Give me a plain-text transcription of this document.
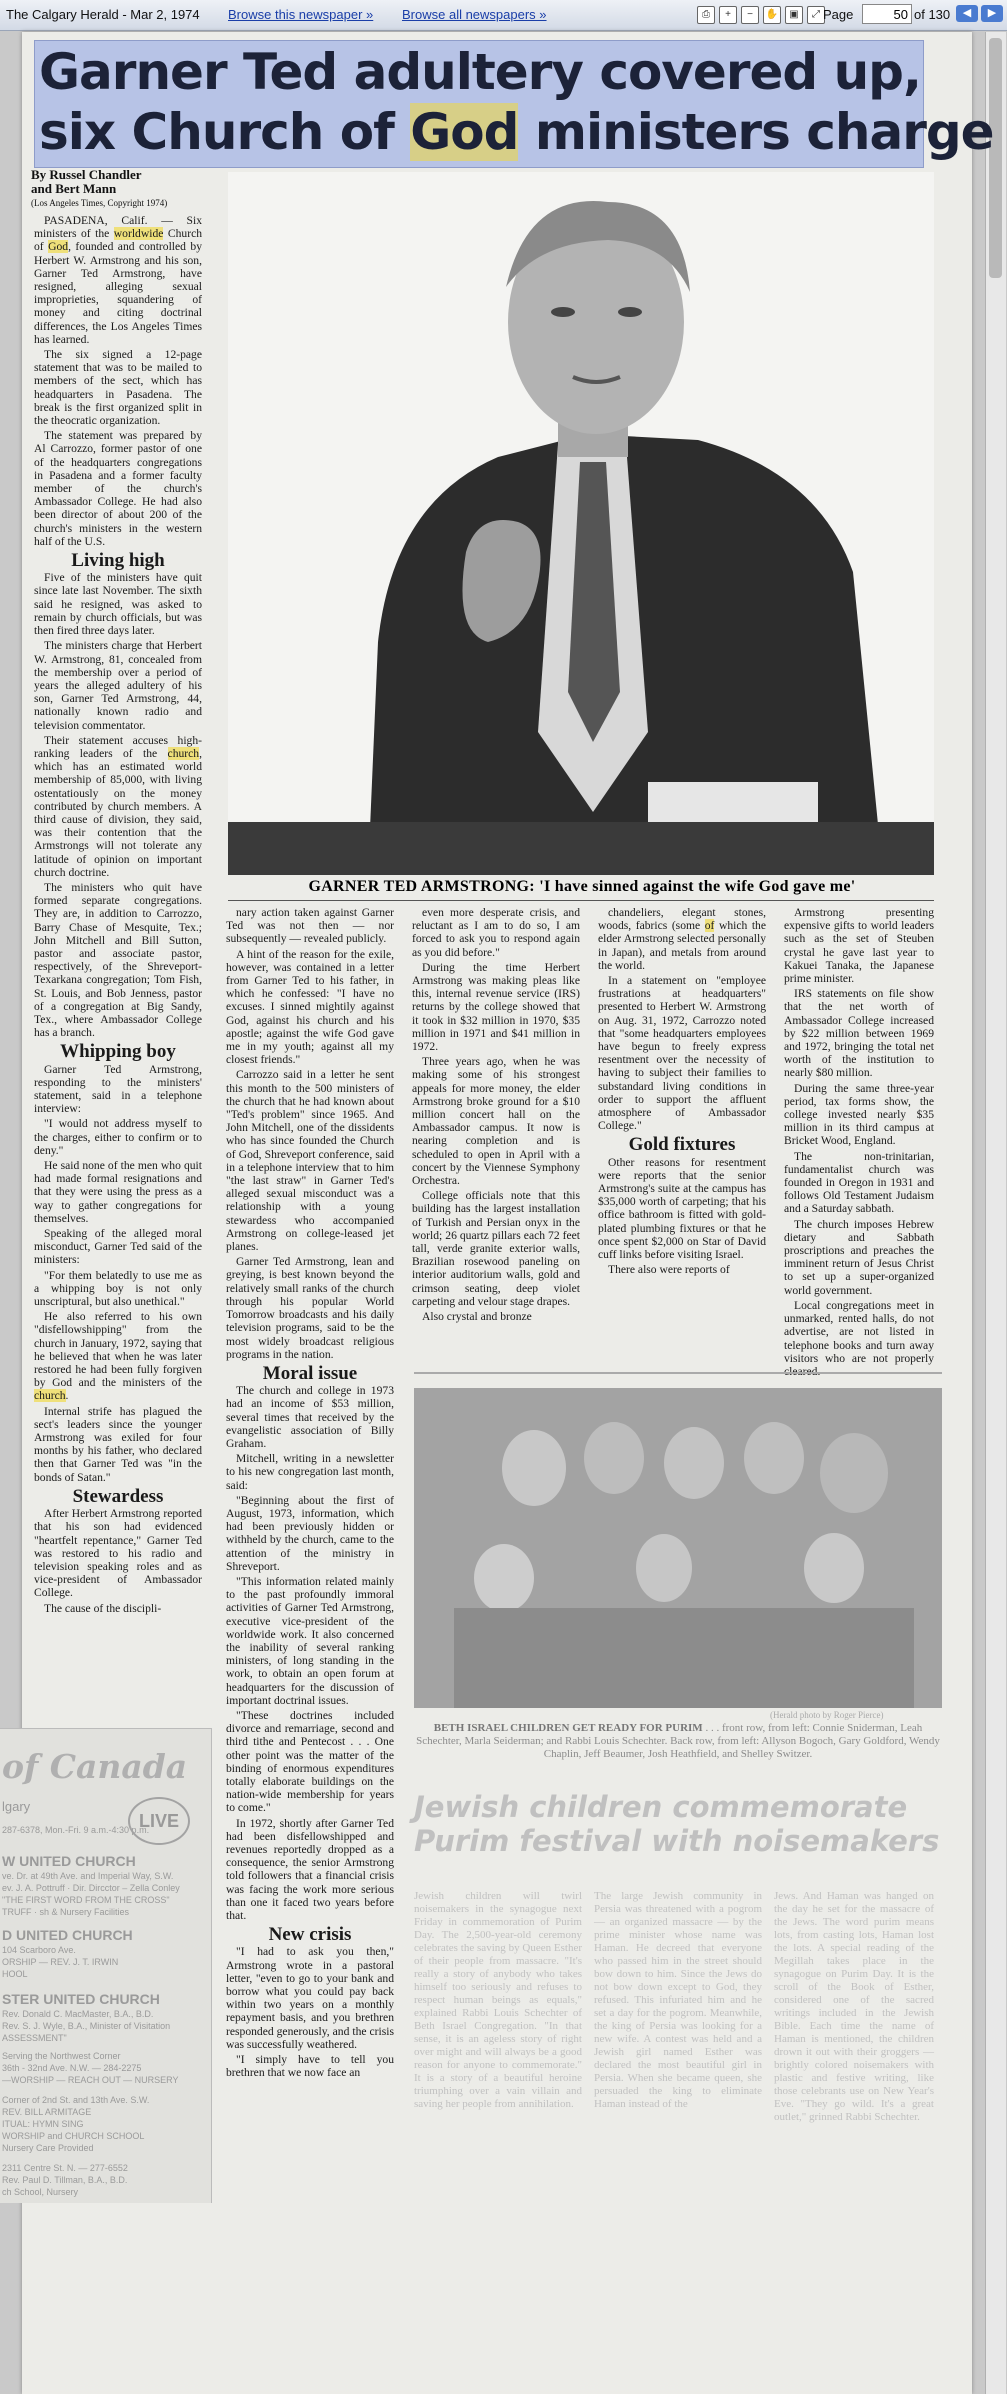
The Calgary Herald - Mar 2, 1974 Browse this newspaper » Browse all newspapers »	⎙	+	−	✋	▣	⤢ Page
50	of 130	◀	▶
Garner Ted adultery covered up,
six Church of God ministers charge
By Russel Chandler
and Bert Mann
(Los Angeles Times, Copyright 1974)

PASADENA, Calif. — Six ministers of the worldwide Church of God, founded and controlled by Herbert W. Armstrong and his son, Garner Ted Armstrong, have resigned, alleging sexual improprieties, squandering of money and citing doctrinal differences, the Los Angeles Times has learned.

The six signed a 12-page statement that was to be mailed to members of the sect, which has headquarters in Pasadena. The break is the first organized split in the theocratic organization.

The statement was prepared by Al Carrozzo, former pastor of one of the headquarters congregations in Pasadena and a former faculty member of the church's Ambassador College. He had also been director of about 200 of the church's ministers in the western half of the U.S.

Living high

Five of the ministers have quit since late last November. The sixth said he resigned, was asked to remain by church officials, but was then fired three days later.

The ministers charge that Herbert W. Armstrong, 81, concealed from the membership over a period of years the alleged adultery of his son, Garner Ted Armstrong, 44, nationally known radio and television commentator.

Their statement accuses high-ranking leaders of the church, which has an estimated world membership of 85,000, with living ostentatiously on the money contributed by church members. A third cause of division, they said, was their contention that the Armstrongs will not tolerate any latitude of opinion on important church doctrine.

The ministers who quit have formed separate congregations. They are, in addition to Carrozzo, Barry Chase of Mesquite, Tex.; John Mitchell and Bill Sutton, pastor and associate pastor, respectively, of the Shreveport-Texarkana congregation; Tom Fish, St. Louis, and Bob Jenness, pastor of a congregation at Big Sandy, Tex., where Ambassador College has a branch.

Whipping boy

Garner Ted Armstrong, responding to the ministers' statement, said in a telephone interview:

"I would not address myself to the charges, either to confirm or to deny."

He said none of the men who quit had made formal resignations and that they were using the press as a way to gather congregations for themselves.

Speaking of the alleged moral misconduct, Garner Ted said of the ministers:

"For them belatedly to use me as a whipping boy is not only unscriptural, but also unethical."

He also referred to his own "disfellowshipping" from the church in January, 1972, saying that he believed that when he was later restored he had been fully forgiven by God and the ministers of the church.

Internal strife has plagued the sect's leaders since the younger Armstrong was exiled for four months by his father, who declared then that Garner Ted was "in the bonds of Satan."

Stewardess

After Herbert Armstrong reported that his son had evidenced "heartfelt repentance," Garner Ted was restored to his radio and television speaking roles and as vice-president of Ambassador College.

The cause of the discipli-

GARNER TED ARMSTRONG: 'I have sinned against the wife God gave me'

nary action taken against Garner Ted was not then — nor subsequently — revealed publicly.

A hint of the reason for the exile, however, was contained in a letter from Garner Ted to his father, in which he confessed: "I have no excuses. I sinned mightily against God, against his church and his apostle; against the wife God gave me in my youth; against all my closest friends."

Carrozzo said in a letter he sent this month to the 500 ministers of the church that he had known about "Ted's problem" since 1965. And John Mitchell, one of the dissidents who has since founded the Church of God, Shreveport conference, said in a telephone interview that to him "the last straw" in Garner Ted's alleged sexual misconduct was a relationship with a young stewardess who accompanied Armstrong on college-leased jet planes.

Garner Ted Armstrong, lean and greying, is best known beyond the relatively small ranks of the church through his popular World Tomorrow broadcasts and his daily television programs, said to be the most widely broadcast religious programs in the nation.

Moral issue

The church and college in 1973 had an income of $53 million, several times that received by the evangelistic association of Billy Graham.

Mitchell, writing in a newsletter to his new congregation last month, said:

"Beginning about the first of August, 1973, information, which had been previously hidden or withheld by the church, came to the attention of the ministry in Shreveport.

"This information related mainly to the past profoundly immoral activities of Garner Ted Armstrong, executive vice-president of the worldwide work. It also concerned the inability of several ranking ministers, of long standing in the work, to obtain an open forum at headquarters for the discussion of important doctrinal issues.

"These doctrines included divorce and remarriage, second and third tithe and Pentecost . . . One other point was the matter of the binding of enormous expenditures totally elaborate buildings on the nation-wide membership for years to come."

In 1972, shortly after Garner Ted had been disfellowshipped and revenues reportedly dropped as a consequence, the senior Armstrong told followers that a financial crisis was facing the work more serious than one it faced two years before that.

New crisis

"I had to ask you then," Armstrong wrote in a pastoral letter, "even to go to your bank and borrow what you could pay back within two years on a monthly repayment basis, and you brethren responded generously, and the crisis was successfully weathered.

"I simply have to tell you brethren that we now face an

even more desperate crisis, and reluctant as I am to do so, I am forced to ask you to respond again as you did before."

During the time Herbert Armstrong was making pleas like this, internal revenue service (IRS) returns by the college showed that it took in $32 million in 1970, $35 million in 1971 and $41 million in 1972.

Three years ago, when he was making some of his strongest appeals for more money, the elder Armstrong broke ground for a $10 million concert hall on the Ambassador campus. It now is nearing completion and is scheduled to open in April with a concert by the Viennese Symphony Orchestra.

College officials note that this building has the largest installation of Turkish and Persian onyx in the world; 26 quartz pillars each 72 feet tall, verde granite exterior walls, Brazilian rosewood paneling on interior auditorium walls, gold and crimson seating, deep violet carpeting and velour stage drapes.

Also crystal and bronze

chandeliers, elegant stones, woods, fabrics (some of which the elder Armstrong selected personally in Japan), and metals from around the world.

In a statement on "employee frustrations at headquarters" presented to Herbert W. Armstrong on Aug. 31, 1972, Carrozzo noted that "some headquarters employees have begun to freely express resentment over the necessity of having to subject their families to substandard living conditions in order to support the affluent atmosphere of Ambassador College."

Gold fixtures

Other reasons for resentment were reports that the senior Armstrong's suite at the campus has $35,000 worth of carpeting; that his office bathroom is fitted with gold-plated plumbing fixtures or that he once spent $2,000 on Star of David cuff links before visiting Israel.

There also were reports of

Armstrong presenting expensive gifts to world leaders such as the set of Steuben crystal he gave last year to Kakuei Tanaka, the Japanese prime minister.

IRS statements on file show that the net worth of Ambassador College increased by $22 million between 1969 and 1972, bringing the total net worth of the institution to nearly $80 million.

During the same three-year period, tax forms show, the college invested nearly $35 million in its third campus at Bricket Wood, England.

The non-trinitarian, fundamentalist church was founded in Oregon in 1931 and follows Old Testament Judaism and a Saturday sabbath.

The church imposes Hebrew dietary and Sabbath proscriptions and preaches the imminent return of Jesus Christ to set up a super-organized world government.

Local congregations meet in unmarked, rented halls, do not advertise, are not listed in telephone books and turn away visitors who are not properly

(Herald photo by Roger Pierce)
BETH ISRAEL CHILDREN GET READY FOR PURIM . . . front row, from left: Connie Sniderman, Leah Schechter, Marla Seiderman; and Rabbi Louis Schechter. Back row, from left: Allyson Bogoch, Gary Goldford, Wendy Chaplin, Jeff Beaumer, Josh Heathfield, and Shelley Switzer.
Jewish children commemorate Purim festival with noisemakers
Jewish children will twirl noisemakers in the synagogue next Friday in commemoration of Purim Day. The 2,500-year-old ceremony celebrates the saving by Queen Esther of their people from massacre. "It's really a story of anybody who takes himself too seriously and refuses to respect human beings as equals," explained Rabbi Louis Schechter of Beth Israel Congregation. "In that sense, it is an ageless story of right over might and will always be a good reason for anyone to commemorate." It is a story of a beautiful heroine triumphing over a vain villain and saving her people from annihilation.
The large Jewish community in Persia was threatened with a pogrom — an organized massacre — by the prime minister whose name was Haman. He decreed that everyone who passed him in the street should bow down to him. Since the Jews do not bow down except to God, they refused. This infuriated him and he set a day for the pogrom. Meanwhile, the king of Persia was looking for a new wife. A contest was held and a Jewish girl named Esther was declared the most beautiful girl in Persia. When she became queen, she persuaded the king to eliminate Haman instead of the
Jews. And Haman was hanged on the day he set for the massacre of the Jews. The word purim means lots, from casting lots, Haman lost the lots. A special reading of the Megillah takes place in the synagogue on Purim Day. It is the scroll of the Book of Esther, considered one of the sacred writings included in the Jewish Bible. Each time the name of Haman is mentioned, the children drown it out with their groggers — brightly colored noisemakers with plastic and festive writing, like those celebrants use on New Year's Eve. "They go wild. It's a great outlet," grinned Rabbi Schechter.
of Canada
lgary
287-6378, Mon.-Fri. 9 a.m.-4:30 p.m.
LIVE
W UNITED CHURCH
ve. Dr. at 49th Ave. and Imperial Way, S.W.
ev. J. A. Pottruff · Dir. Dircctor – Zella Conley
"THE FIRST WORD FROM THE CROSS"
TRUFF · sh & Nursery Facilities
D UNITED CHURCH
104 Scarboro Ave.
ORSHIP — REV. J. T. IRWIN
HOOL
STER UNITED CHURCH
Rev. Donald C. MacMaster, B.A., B.D.
Rev. S. J. Wyle, B.A., Minister of Visitation
ASSESSMENT"
Serving the Northwest Corner
36th - 32nd Ave. N.W. — 284-2275
—WORSHIP — REACH OUT — NURSERY
Corner of 2nd St. and 13th Ave. S.W.
REV. BILL ARMITAGE
ITUAL: HYMN SING
WORSHIP and CHURCH SCHOOL
Nursery Care Provided
2311 Centre St. N. — 277-6552
Rev. Paul D. Tillman, B.A., B.D.
ch School, Nursery
